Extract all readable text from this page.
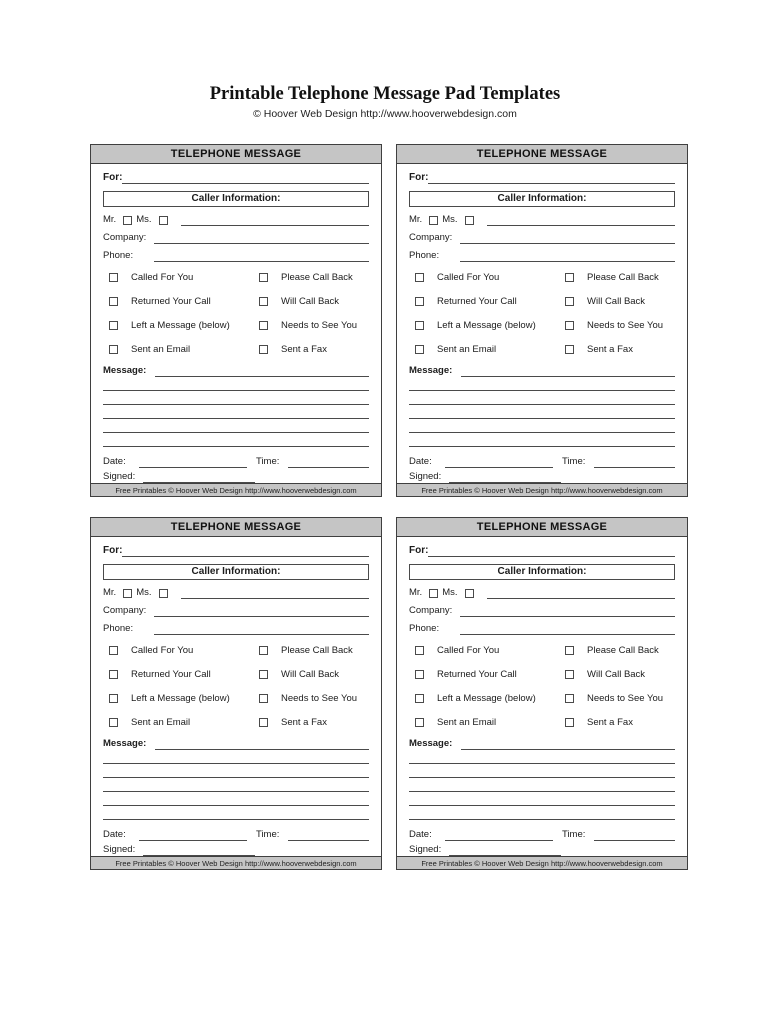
Printable Telephone Message Pad Templates
© Hoover Web Design http://www.hooverwebdesign.com
TELEPHONE MESSAGE
For:
Caller Information:
Mr. Ms.
Company:
Phone:
Called For You	Please Call Back
Returned Your Call	Will Call Back
Left a Message (below)	Needs to See You
Sent an Email	Sent a Fax
Message:
Date:	Time:
Signed:
Free Printables © Hoover Web Design http://www.hooverwebdesign.com
TELEPHONE MESSAGE
For:
Caller Information:
Mr. Ms.
Company:
Phone:
Called For You	Please Call Back
Returned Your Call	Will Call Back
Left a Message (below)	Needs to See You
Sent an Email	Sent a Fax
Message:
Date:	Time:
Signed:
Free Printables © Hoover Web Design http://www.hooverwebdesign.com
TELEPHONE MESSAGE
For:
Caller Information:
Mr. Ms.
Company:
Phone:
Called For You	Please Call Back
Returned Your Call	Will Call Back
Left a Message (below)	Needs to See You
Sent an Email	Sent a Fax
Message:
Date:	Time:
Signed:
Free Printables © Hoover Web Design http://www.hooverwebdesign.com
TELEPHONE MESSAGE
For:
Caller Information:
Mr. Ms.
Company:
Phone:
Called For You	Please Call Back
Returned Your Call	Will Call Back
Left a Message (below)	Needs to See You
Sent an Email	Sent a Fax
Message:
Date:	Time:
Signed:
Free Printables © Hoover Web Design http://www.hooverwebdesign.com
